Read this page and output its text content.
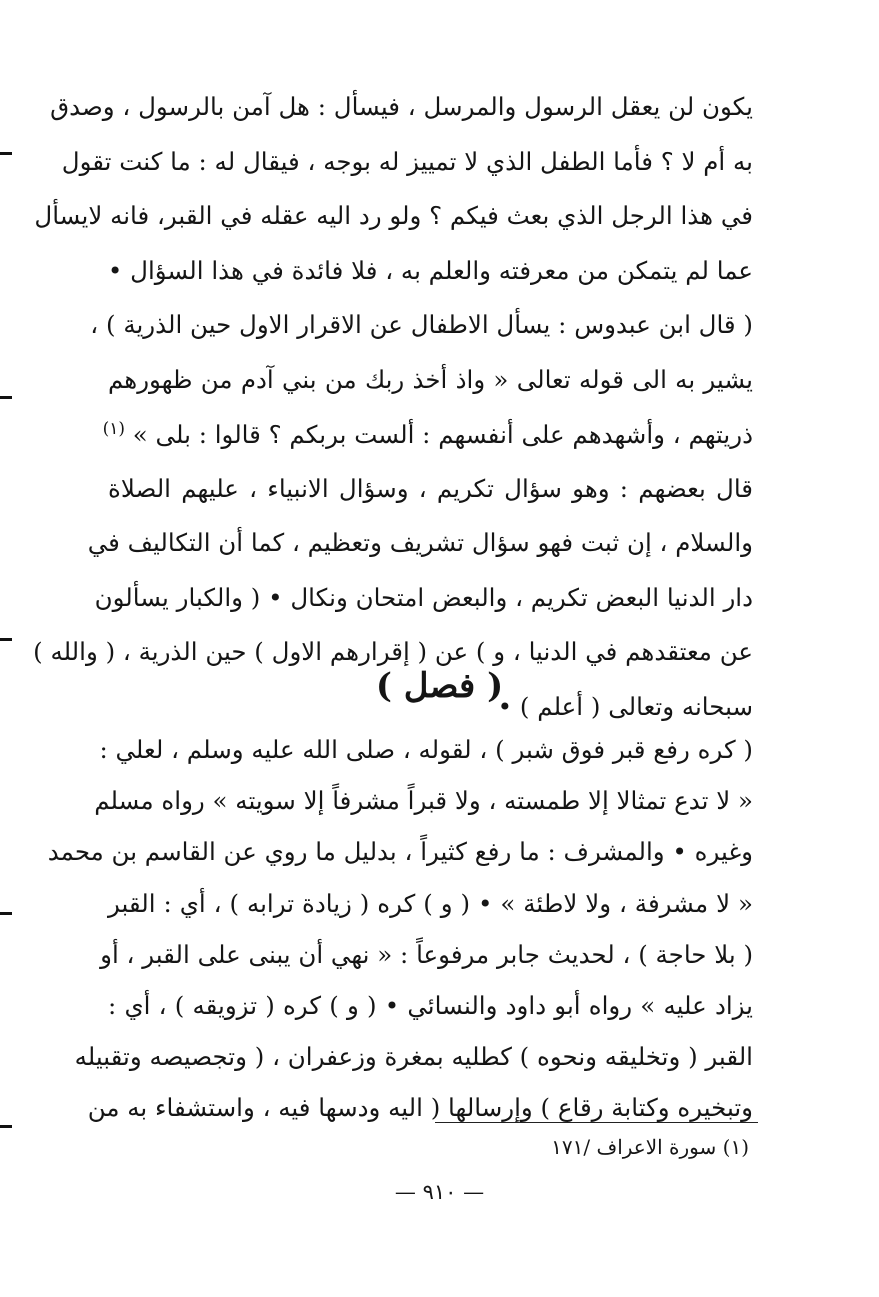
يكون لن يعقل الرسول والمرسل ، فيسأل : هل آمن بالرسول ، وصدق
به أم لا ؟ فأما الطفل الذي لا تمييز له بوجه ، فيقال له : ما كنت تقول
في هذا الرجل الذي بعث فيكم ؟ ولو رد اليه عقله في القبر، فانه لايسأل
عما لم يتمكن من معرفته والعلم به ، فلا فائدة في هذا السؤال •
( قال ابن عبدوس : يسأل الاطفال عن الاقرار الاول حين الذرية ) ،
يشير به الى قوله تعالى « واذ أخذ ربك من بني آدم من ظهورهم
ذريتهم ، وأشهدهم على أنفسهم : ألست بربكم ؟ قالوا : بلى » $^{(١)}$
قال بعضهم : وهو سؤال تكريم ، وسؤال الانبياء ، عليهم الصلاة
والسلام ، إن ثبت فهو سؤال تشريف وتعظيم ، كما أن التكاليف في
دار الدنيا البعض تكريم ، والبعض امتحان ونكال • ( والكبار يسألون
عن معتقدهم في الدنيا ، و ) عن ( إقرارهم الاول ) حين الذرية ، ( والله )
سبحانه وتعالى ( أعلم ) •
( فصل )
( كره رفع قبر فوق شبر ) ، لقوله ، صلى الله عليه وسلم ، لعلي :
« لا تدع تمثالا إلا طمسته ، ولا قبراً مشرفاً إلا سويته » رواه مسلم
وغيره • والمشرف : ما رفع كثيراً ، بدليل ما روي عن القاسم بن محمد
« لا مشرفة ، ولا لاطئة » • ( و ) كره ( زيادة ترابه ) ، أي : القبر
( بلا حاجة ) ، لحديث جابر مرفوعاً : « نهي أن يبنى على القبر ، أو
يزاد عليه » رواه أبو داود والنسائي • ( و ) كره ( تزويقه ) ، أي :
القبر ( وتخليقه ونحوه ) كطليه بمغرة وزعفران ، ( وتجصيصه وتقبيله
وتبخيره وكتابة رقاع ) وإرسالها ( اليه ودسها فيه ، واستشفاء به من
(١) سورة الاعراف /١٧١
— ٩١٠ —
